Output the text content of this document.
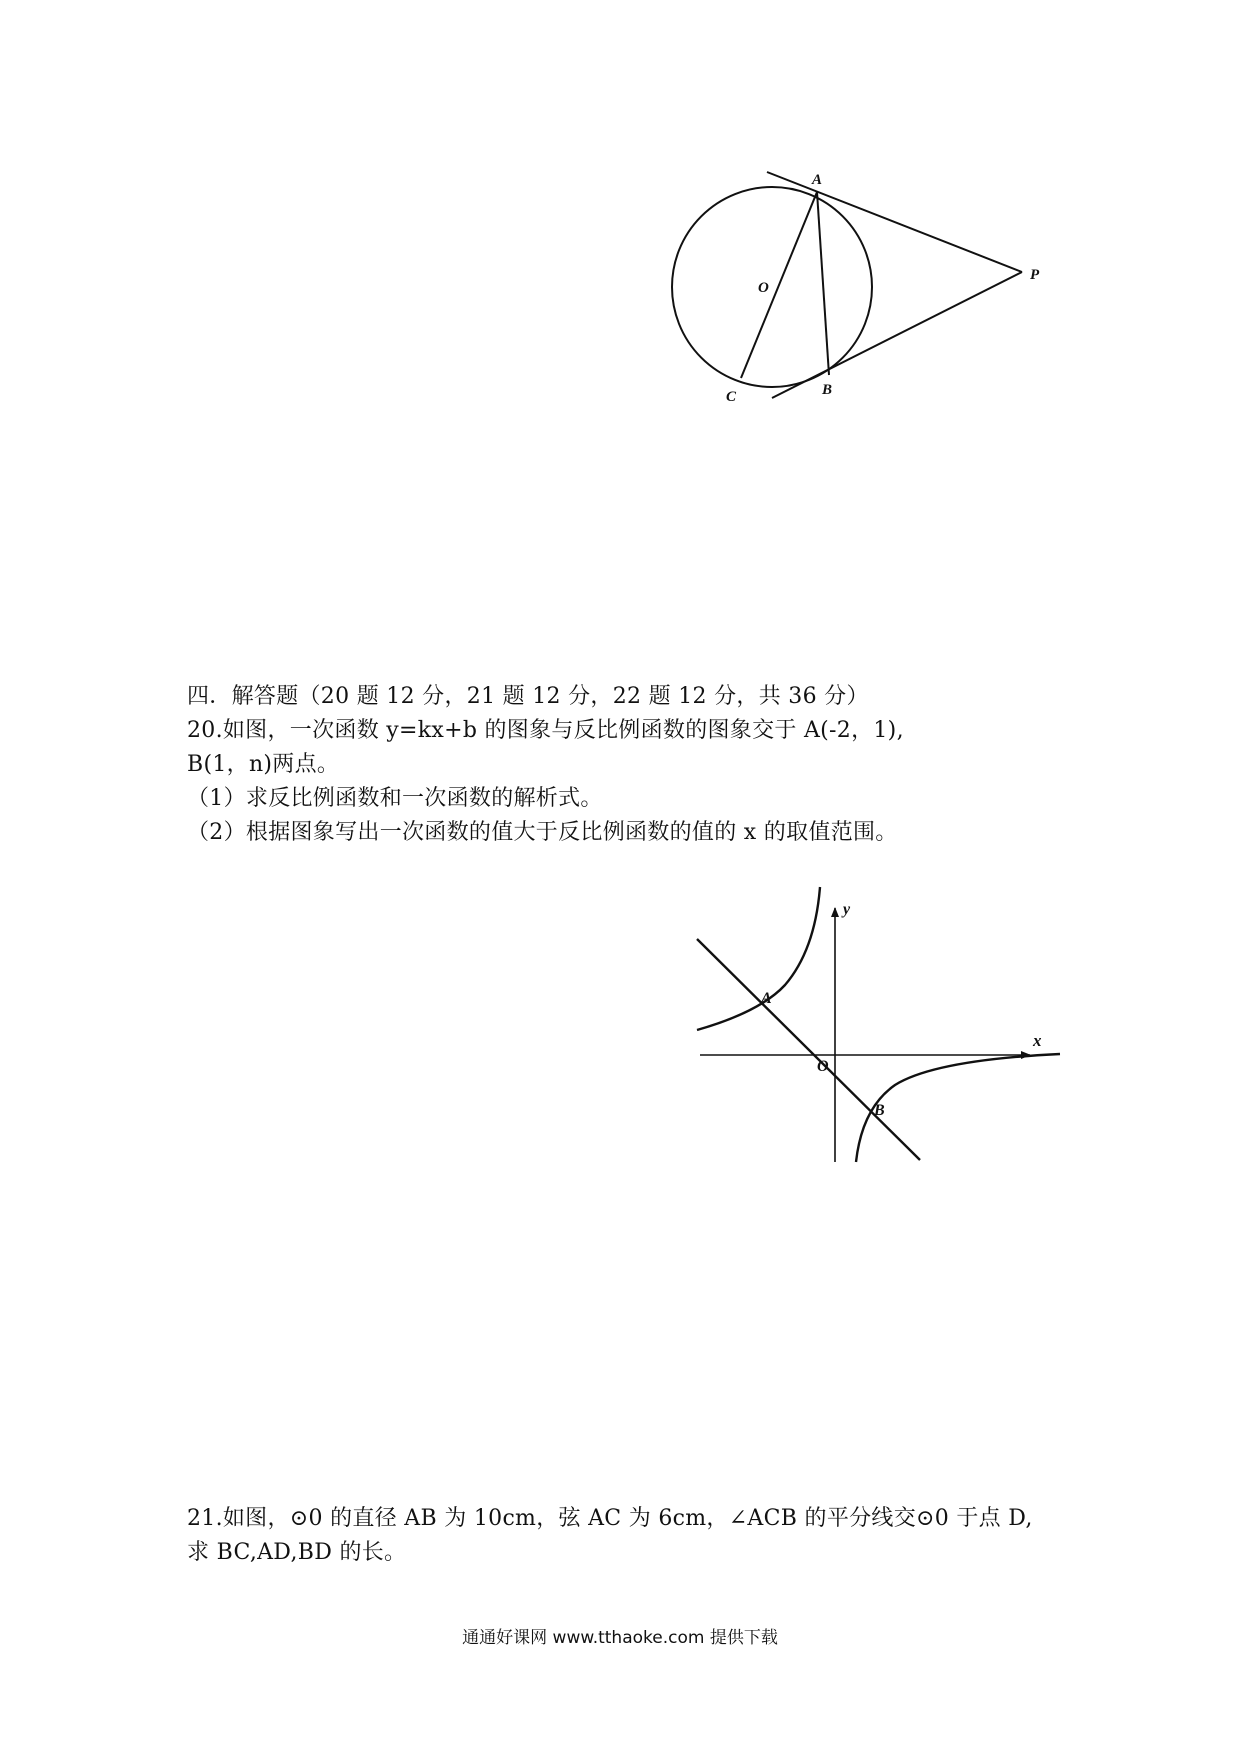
A
O
P
C	B
四．解答题（20 题 12 分，21 题 12 分，22 题 12 分，共 36 分）
20.如图，一次函数 y=kx+b 的图象与反比例函数的图象交于 A(-2，1),
B(1，n)两点。
（1）求反比例函数和一次函数的解析式。
（2）根据图象写出一次函数的值大于反比例函数的值的 x 的取值范围。
y
x
A
O
B
21.如图，⊙0 的直径 AB 为 10cm，弦 AC 为 6cm，∠ACB 的平分线交⊙0 于点 D,
求 BC,AD,BD 的长。
通通好课网 www.tthaoke.com 提供下载
